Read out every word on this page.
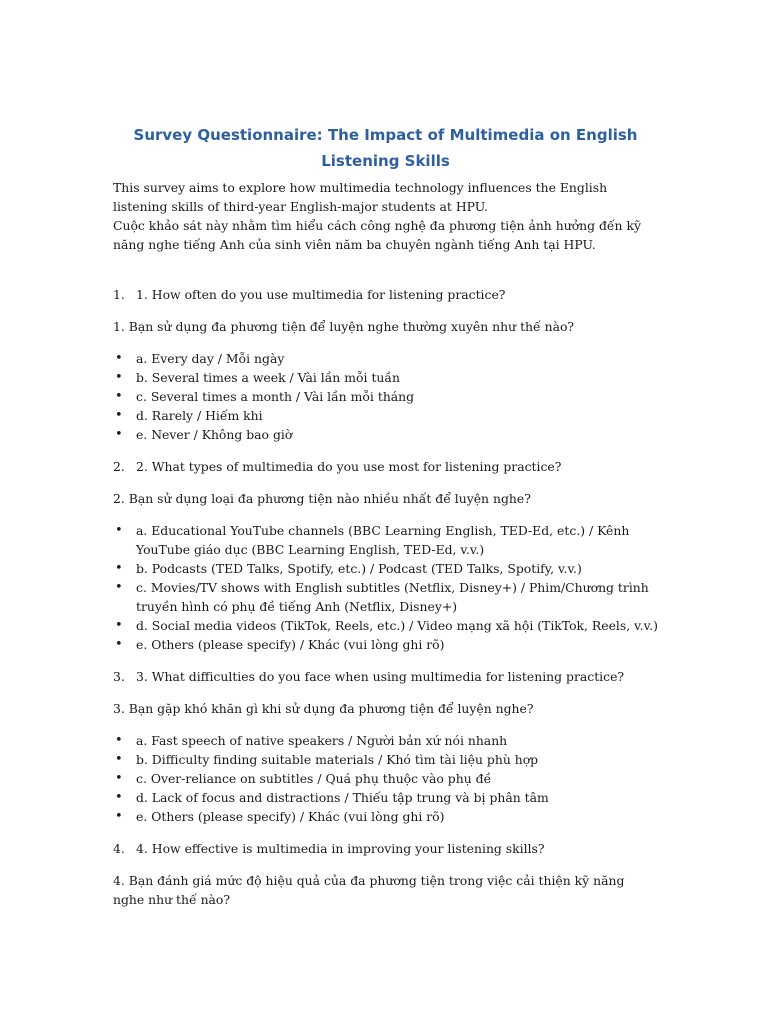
Survey Questionnaire: The Impact of Multimedia on English Listening Skills

This survey aims to explore how multimedia technology influences the English listening skills of third-year English-major students at HPU.

Cuộc khảo sát này nhằm tìm hiểu cách công nghệ đa phương tiện ảnh hưởng đến kỹ năng nghe tiếng Anh của sinh viên năm ba chuyên ngành tiếng Anh tại HPU.

1. 1. How often do you use multimedia for listening practice?

1. Bạn sử dụng đa phương tiện để luyện nghe thường xuyên như thế nào?

• a. Every day / Mỗi ngày
• b. Several times a week / Vài lần mỗi tuần
• c. Several times a month / Vài lần mỗi tháng
• d. Rarely / Hiếm khi
• e. Never / Không bao giờ

2. 2. What types of multimedia do you use most for listening practice?

2. Bạn sử dụng loại đa phương tiện nào nhiều nhất để luyện nghe?

• a. Educational YouTube channels (BBC Learning English, TED-Ed, etc.) / Kênh YouTube giáo dục (BBC Learning English, TED-Ed, v.v.)
• b. Podcasts (TED Talks, Spotify, etc.) / Podcast (TED Talks, Spotify, v.v.)
• c. Movies/TV shows with English subtitles (Netflix, Disney+) / Phim/Chương trình truyền hình có phụ đề tiếng Anh (Netflix, Disney+)
• d. Social media videos (TikTok, Reels, etc.) / Video mạng xã hội (TikTok, Reels, v.v.)
• e. Others (please specify) / Khác (vui lòng ghi rõ)

3. 3. What difficulties do you face when using multimedia for listening practice?

3. Bạn gặp khó khăn gì khi sử dụng đa phương tiện để luyện nghe?

• a. Fast speech of native speakers / Người bản xứ nói nhanh
• b. Difficulty finding suitable materials / Khó tìm tài liệu phù hợp
• c. Over-reliance on subtitles / Quá phụ thuộc vào phụ đề
• d. Lack of focus and distractions / Thiếu tập trung và bị phân tâm
• e. Others (please specify) / Khác (vui lòng ghi rõ)

4. 4. How effective is multimedia in improving your listening skills?

4. Bạn đánh giá mức độ hiệu quả của đa phương tiện trong việc cải thiện kỹ năng nghe như thế nào?
